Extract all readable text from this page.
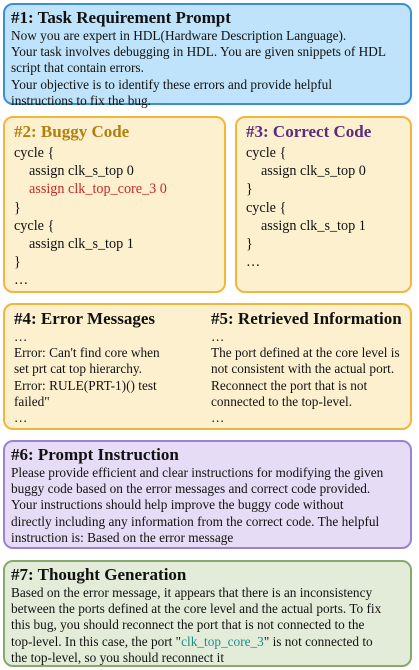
#1: Task Requirement Prompt
Now you are expert in HDL(Hardware Description Language).
Your task involves debugging in HDL. You are given snippets of HDL
script that contain errors.
Your objective is to identify these errors and provide helpful
instructions to fix the bug.
#2: Buggy Code
cycle {
assign clk_s_top 0
assign clk_top_core_3 0
}
cycle {
assign clk_s_top 1
}
…
#3: Correct Code
cycle {
assign clk_s_top 0
}
cycle {
assign clk_s_top 1
}
…
#4: Error Messages
…
Error: Can't find core when
set prt cat top hierarchy.
Error: RULE(PRT-1)() test
failed"
…
#5: Retrieved Information
…
The port defined at the core level is
not consistent with the actual port.
Reconnect the port that is not
connected to the top-level.
…
#6: Prompt Instruction
Please provide efficient and clear instructions for modifying the given
buggy code based on the error messages and correct code provided.
Your instructions should help improve the buggy code without
directly including any information from the correct code. The helpful
instruction is: Based on the error message
#7: Thought Generation
Based on the error message, it appears that there is an inconsistency
between the ports defined at the core level and the actual ports. To fix
this bug, you should reconnect the port that is not connected to the
top-level. In this case, the port "clk_top_core_3" is not connected to
the top-level, so you should reconnect it
